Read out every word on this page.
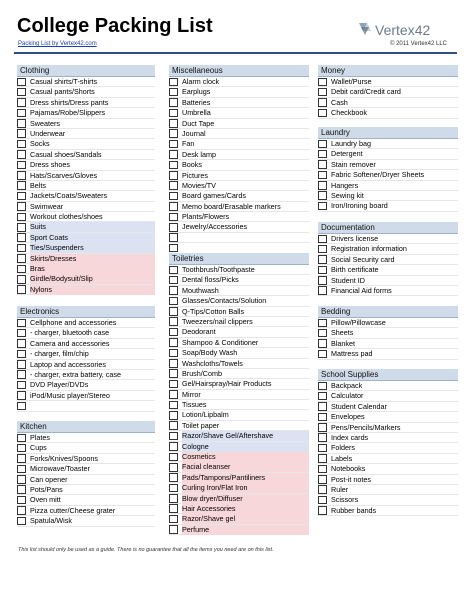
College Packing List
Packing List by Vertex42.com
Vertex42
© 2011 Vertex42 LLC
Clothing
Casual shirts/T-shirts
Casual pants/Shorts
Dress shirts/Dress pants
Pajamas/Robe/Slippers
Sweaters
Underwear
Socks
Casual shoes/Sandals
Dress shoes
Hats/Scarves/Gloves
Belts
Jackets/Coats/Sweaters
Swimwear
Workout clothes/shoes
Suits
Sport Coats
Ties/Suspenders
Skirts/Dresses
Bras
Girdle/Bodysuit/Slip
Nylons
Electronics
Cellphone and accessories
- charger, bluetooth case
Camera and accessories
- charger, film/chip
Laptop and accessories
- charger, extra battery, case
DVD Player/DVDs
iPod/Music player/Stereo
Kitchen
Plates
Cups
Forks/Knives/Spoons
Microwave/Toaster
Can opener
Pots/Pans
Oven mitt
Pizza cutter/Cheese grater
Spatula/Wisk
Miscellaneous
Alarm clock
Earplugs
Batteries
Umbrella
Duct Tape
Journal
Fan
Desk lamp
Books
Pictures
Movies/TV
Board games/Cards
Memo board/Erasable markers
Plants/Flowers
Jewelry/Accessories
Toiletries
Toothbrush/Toothpaste
Dental floss/Picks
Mouthwash
Glasses/Contacts/Solution
Q-Tips/Cotton Balls
Tweezers/nail clippers
Deodorant
Shampoo & Conditioner
Soap/Body Wash
Washcloths/Towels
Brush/Comb
Gel/Hairspray/Hair Products
Mirror
Tissues
Lotion/Lipbalm
Toilet paper
Razor/Shave Gel/Aftershave
Cologne
Cosmetics
Facial cleanser
Pads/Tampons/Pantiliners
Curling Iron/Flat Iron
Blow dryer/Diffuser
Hair Accessories
Razor/Shave gel
Perfume
Money
Wallet/Purse
Debit card/Credit card
Cash
Checkbook
Laundry
Laundry bag
Detergent
Stain remover
Fabric Softener/Dryer Sheets
Hangers
Sewing kit
Iron/Ironing board
Documentation
Drivers license
Registration information
Social Security card
Birth certificate
Student ID
Financial Aid forms
Bedding
Pillow/Pillowcase
Sheets
Blanket
Mattress pad
School Supplies
Backpack
Calculator
Student Calendar
Envelopes
Pens/Pencils/Markers
Index cards
Folders
Labels
Notebooks
Post-it notes
Ruler
Scissors
Rubber bands
This list should only be used as a guide. There is no guarantee that all the items you need are on this list.
